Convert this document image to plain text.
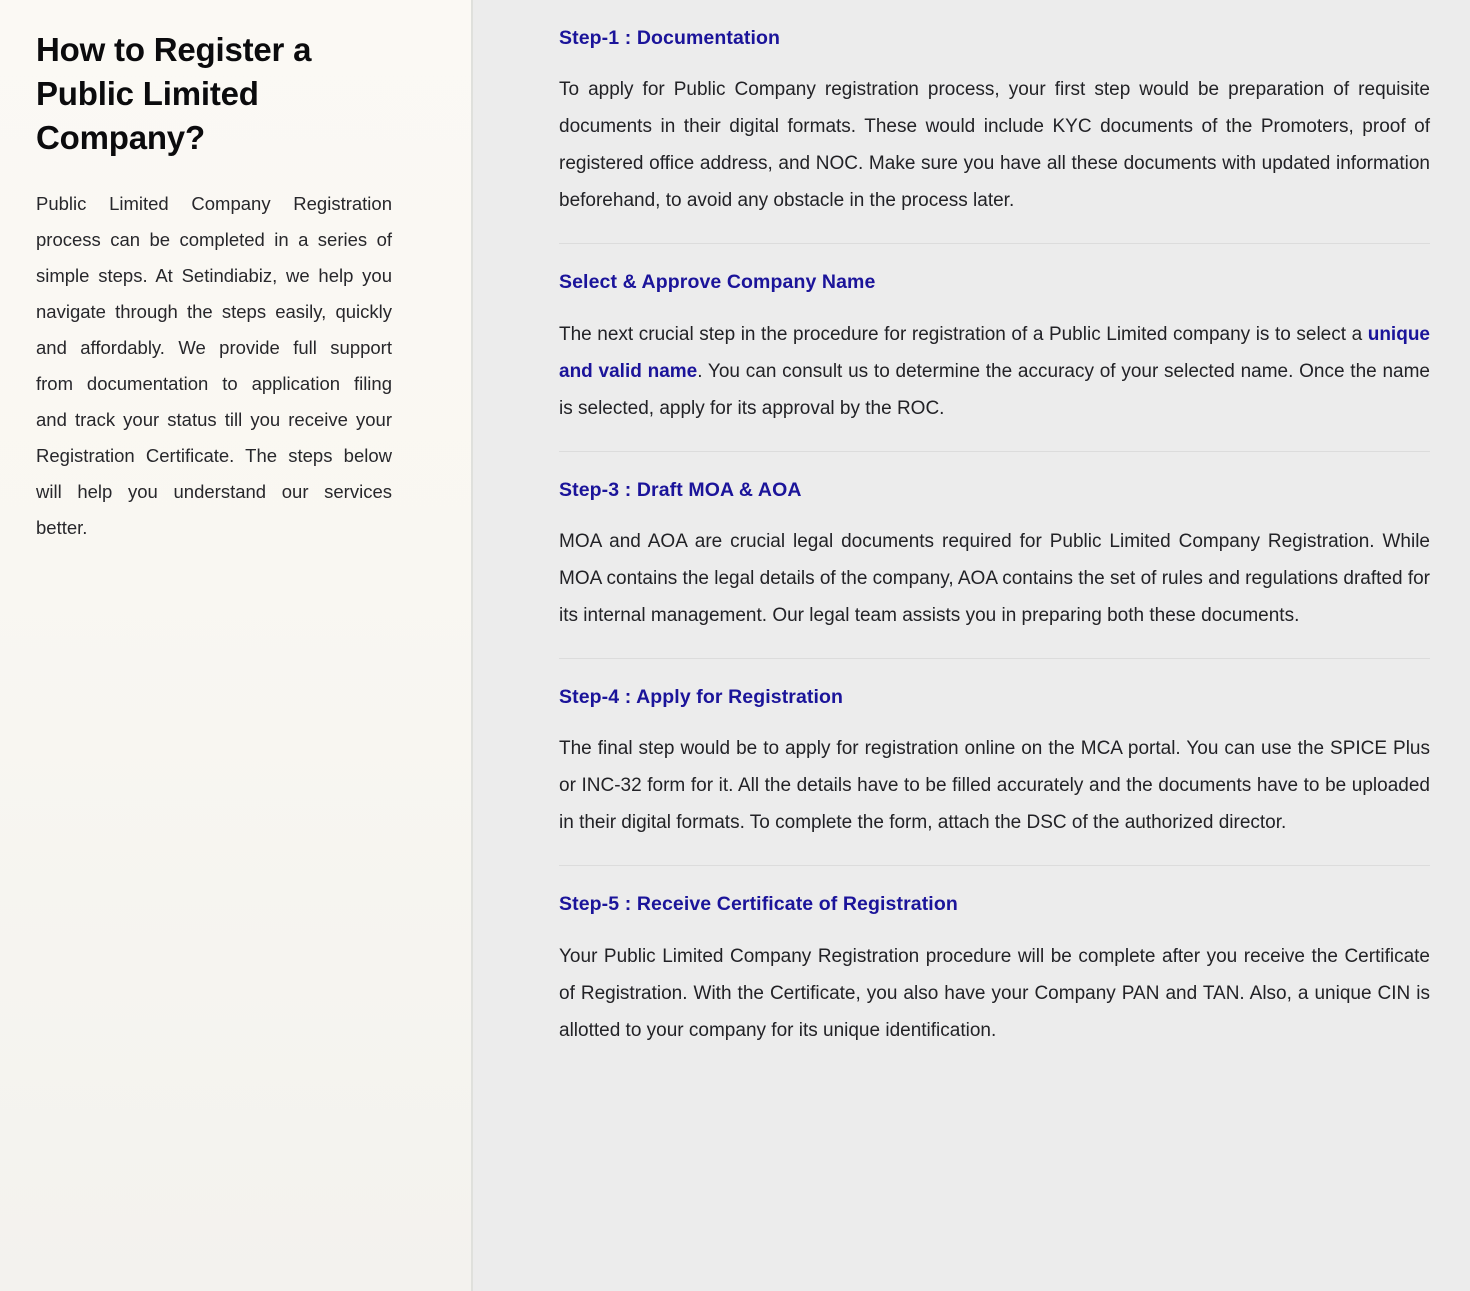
How to Register a Public Limited Company?

Public Limited Company Registration process can be completed in a series of simple steps. At Setindiabiz, we help you navigate through the steps easily, quickly and affordably. We provide full support from documentation to application filing and track your status till you receive your Registration Certificate. The steps below will help you understand our services better.

Step-1 : Documentation

To apply for Public Company registration process, your first step would be preparation of requisite documents in their digital formats. These would include KYC documents of the Promoters, proof of registered office address, and NOC. Make sure you have all these documents with updated information beforehand, to avoid any obstacle in the process later.

Select & Approve Company Name

The next crucial step in the procedure for registration of a Public Limited company is to select a unique and valid name. You can consult us to determine the accuracy of your selected name. Once the name is selected, apply for its approval by the ROC.

Step-3 : Draft MOA & AOA

MOA and AOA are crucial legal documents required for Public Limited Company Registration. While MOA contains the legal details of the company, AOA contains the set of rules and regulations drafted for its internal management. Our legal team assists you in preparing both these documents.

Step-4 : Apply for Registration

The final step would be to apply for registration online on the MCA portal. You can use the SPICE Plus or INC-32 form for it. All the details have to be filled accurately and the documents have to be uploaded in their digital formats. To complete the form, attach the DSC of the authorized director.

Step-5 : Receive Certificate of Registration

Your Public Limited Company Registration procedure will be complete after you receive the Certificate of Registration. With the Certificate, you also have your Company PAN and TAN. Also, a unique CIN is allotted to your company for its unique identification.
